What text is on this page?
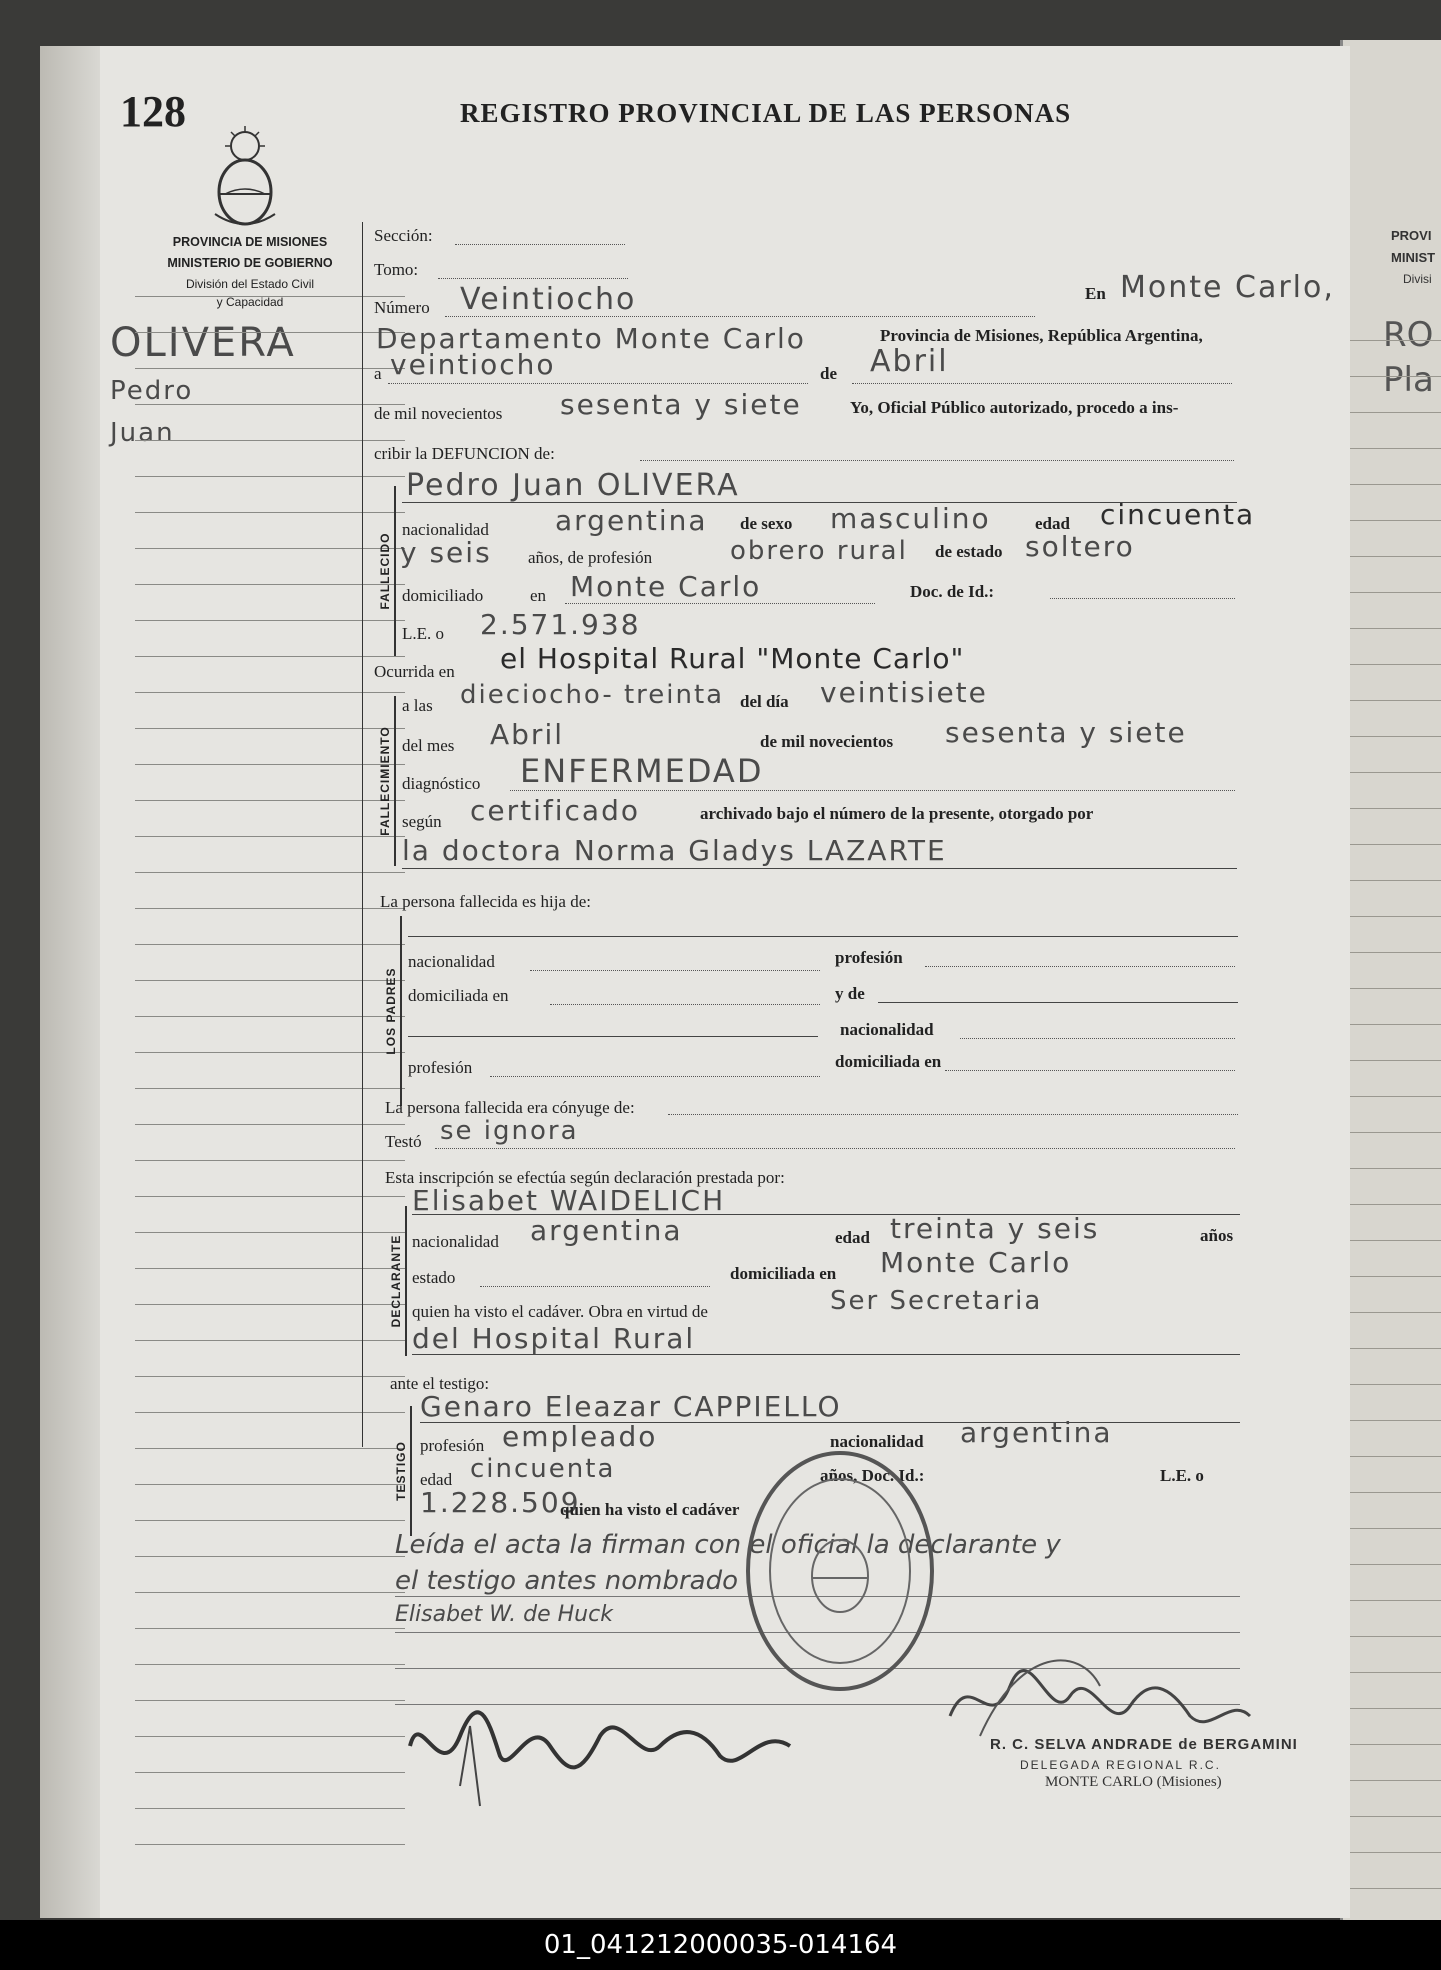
PROVI
MINIST
Divisi
RO
Pla
128	REGISTRO PROVINCIAL DE LAS PERSONAS
PROVINCIA DE MISIONES
MINISTERIO DE GOBIERNO
División del Estado Civil
y Capacidad
OLIVERA
Pedro
Juan
Sección:
Tomo:
Número Veintiocho	En Monte Carlo,
Departamento Monte Carlo	Provincia de Misiones, República Argentina,
a veintiocho	de Abril
de mil novecientos sesenta y siete	Yo, Oficial Público autorizado, procedo a ins-
cribir la DEFUNCION de:
FALLECIDO
Pedro Juan OLIVERA
nacionalidad argentina de sexo masculino	edad cincuenta
y seis años, de profesión	obrero rural de estado soltero
domiciliado	en Monte Carlo	Doc. de Id.:
L.E. o 2.571.938
Ocurrida en el Hospital Rural "Monte Carlo"
FALLECIMIENTO
a las dieciocho- treinta del día veintisiete
del mes Abril	de mil novecientos sesenta y siete
diagnóstico ENFERMEDAD
según certificado	archivado bajo el número de la presente, otorgado por
la doctora Norma Gladys LAZARTE
La persona fallecida es hija de:
LOS PADRES
nacionalidad	profesión
domiciliada en	y de
nacionalidad
profesión	domiciliada en
La persona fallecida era cónyuge de:
Testó se ignora
Esta inscripción se efectúa según declaración prestada por:
DECLARANTE
Elisabet WAIDELICH
nacionalidad argentina	edad treinta y seis	años
estado	domiciliada en Monte Carlo
quien ha visto el cadáver. Obra en virtud de	Ser Secretaria
del Hospital Rural
ante el testigo:
TESTIGO
Genaro Eleazar CAPPIELLO
profesión empleado	nacionalidad argentina
edad cincuenta	años, Doc. Id.:	L.E. o
1.228.509
quien ha visto el cadáver
Leída el acta la firman con el oficial la declarante y
el testigo antes nombrado
Elisabet W. de Huck
R. C. SELVA ANDRADE de BERGAMINI
DELEGADA REGIONAL R.C.
MONTE CARLO (Misiones)
01_041212000035-014164
